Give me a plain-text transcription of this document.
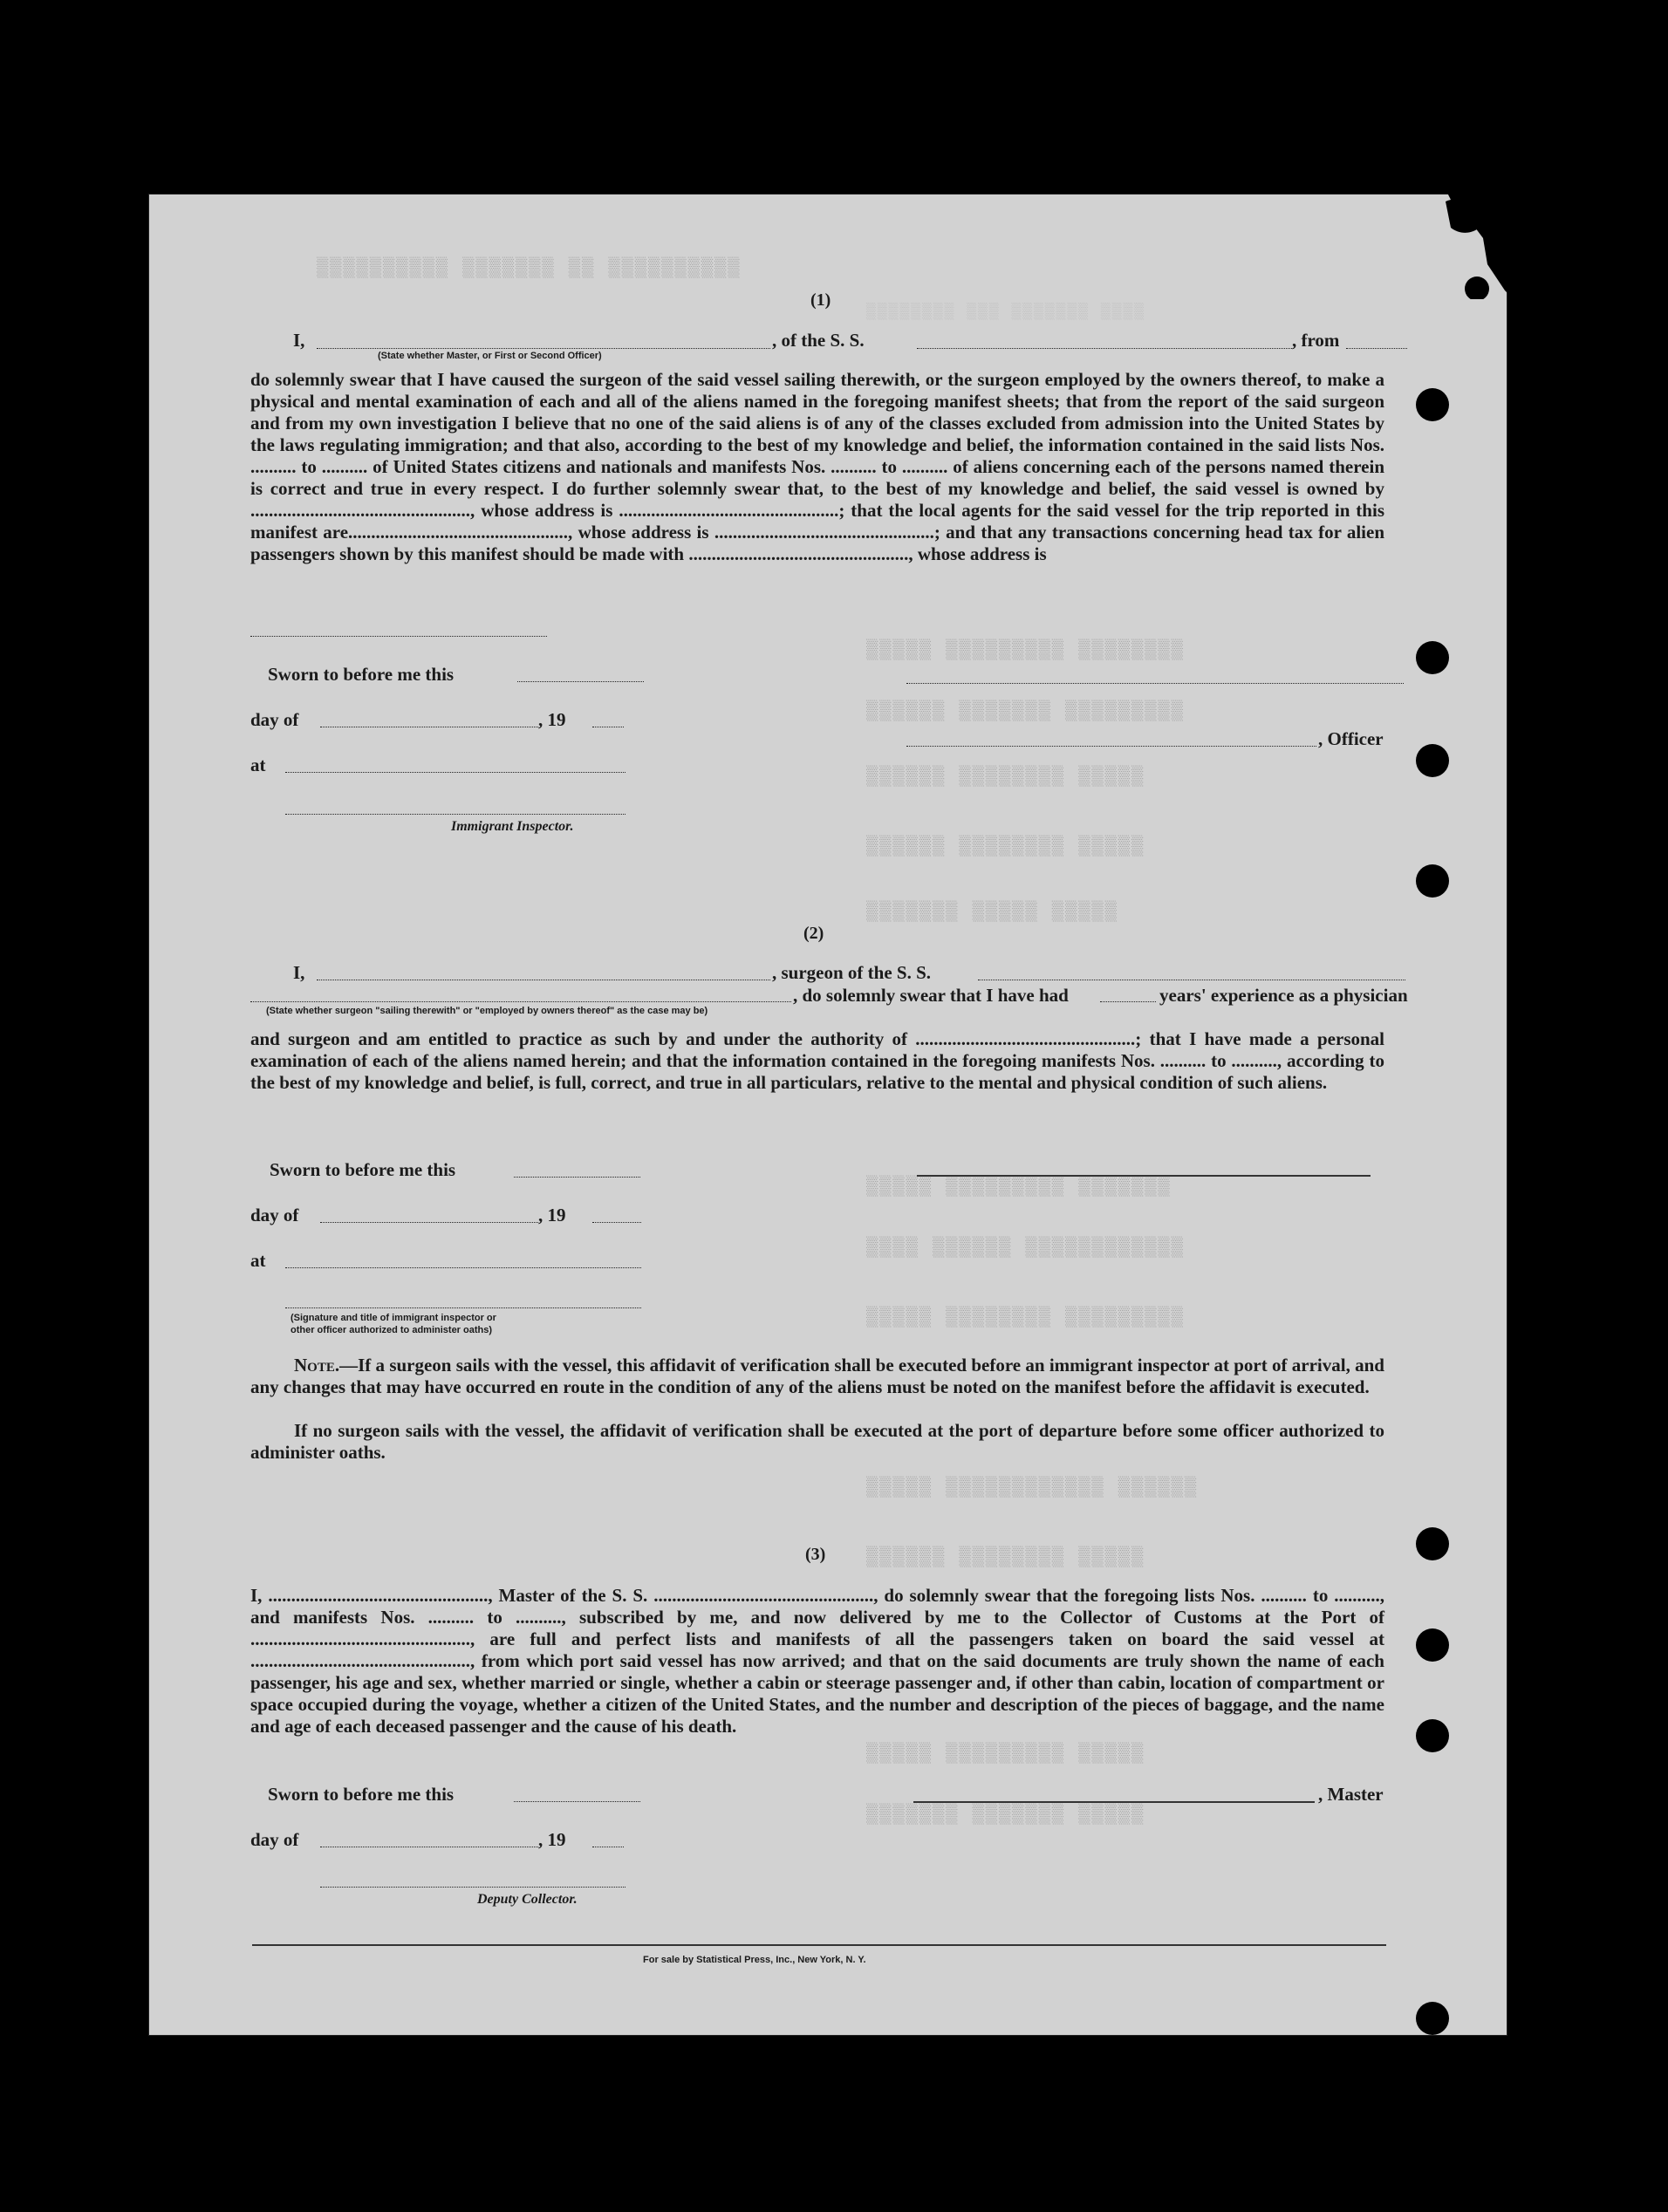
▒▒▒▒▒▒▒▒▒▒ ▒▒ ▒▒▒▒▒▒▒ ▒▒▒▒▒▒▒▒▒▒
▒▒▒▒ ▒▒▒▒▒▒▒ ▒▒▒ ▒▒▒▒▒▒▒▒
▒▒▒▒▒▒▒▒ ▒▒▒▒▒▒▒▒▒ ▒▒▒▒▒
▒▒▒▒▒▒▒▒▒ ▒▒▒▒▒▒▒ ▒▒▒▒▒▒
▒▒▒▒▒ ▒▒▒▒▒▒▒▒ ▒▒▒▒▒▒
▒▒▒▒▒ ▒▒▒▒▒▒▒▒ ▒▒▒▒▒▒
▒▒▒▒▒ ▒▒▒▒▒ ▒▒▒▒▒▒▒
▒▒▒▒▒▒▒ ▒▒▒▒▒▒▒▒▒ ▒▒▒▒▒
▒▒▒▒▒▒▒▒▒▒▒▒ ▒▒▒▒▒▒ ▒▒▒▒
▒▒▒▒▒▒▒▒▒ ▒▒▒▒▒▒▒▒ ▒▒▒▒▒
▒▒▒▒▒▒ ▒▒▒▒▒▒▒▒▒▒▒▒ ▒▒▒▒▒
▒▒▒▒▒ ▒▒▒▒▒▒▒▒ ▒▒▒▒▒▒
▒▒▒▒▒ ▒▒▒▒▒▒▒▒▒ ▒▒▒▒▒
▒▒▒▒▒ ▒▒▒▒▒▒▒ ▒▒▒▒▒▒▒
(1)
I,	, of the S. S.	, from
(State whether Master, or First or Second Officer)
do solemnly swear that I have caused the surgeon of the said vessel sailing therewith, or the surgeon employed by the owners thereof, to make a physical and mental examination of each and all of the aliens named in the foregoing manifest sheets; that from the report of the said surgeon and from my own investigation I believe that no one of the said aliens is of any of the classes excluded from admission into the United States by the laws regulating immigration; and that also, according to the best of my knowledge and belief, the information contained in the said lists Nos. .......... to .......... of United States citizens and nationals and manifests Nos. .......... to .......... of aliens concerning each of the persons named therein is correct and true in every respect. I do further solemnly swear that, to the best of my knowledge and belief, the said vessel is owned by ................................................, whose address is ................................................; that the local agents for the said vessel for the trip reported in this manifest are................................................, whose address is ................................................; and that any transactions concerning head tax for alien passengers shown by this manifest should be made with ................................................, whose address is
Sworn to before me this
day of	, 19
at
Immigrant Inspector.
, Officer
(2)
I,	, surgeon of the S. S.
, do solemnly swear that I have had	years' experience as a physician
(State whether surgeon "sailing therewith" or "employed by owners thereof" as the case may be)
and surgeon and am entitled to practice as such by and under the authority of ................................................; that I have made a personal examination of each of the aliens named herein; and that the information contained in the foregoing manifests Nos. .......... to .........., according to the best of my knowledge and belief, is full, correct, and true in all particulars, relative to the mental and physical condition of such aliens.
Sworn to before me this
day of	, 19
at
(Signature and title of immigrant inspector or
other officer authorized to administer oaths)
Note.—If a surgeon sails with the vessel, this affidavit of verification shall be executed before an immigrant inspector at port of arrival, and any changes that may have occurred en route in the condition of any of the aliens must be noted on the manifest before the affidavit is executed.
If no surgeon sails with the vessel, the affidavit of verification shall be executed at the port of departure before some officer authorized to administer oaths.
(3)
I, ................................................, Master of the S. S. ................................................, do solemnly swear that the foregoing lists Nos. .......... to .........., and manifests Nos. .......... to .........., subscribed by me, and now delivered by me to the Collector of Customs at the Port of ................................................, are full and perfect lists and manifests of all the passengers taken on board the said vessel at ................................................, from which port said vessel has now arrived; and that on the said documents are truly shown the name of each passenger, his age and sex, whether married or single, whether a cabin or steerage passenger and, if other than cabin, location of compartment or space occupied during the voyage, whether a citizen of the United States, and the number and description of the pieces of baggage, and the name and age of each deceased passenger and the cause of his death.
Sworn to before me this
day of	, 19
Deputy Collector.
, Master
For sale by Statistical Press, Inc., New York, N. Y.
